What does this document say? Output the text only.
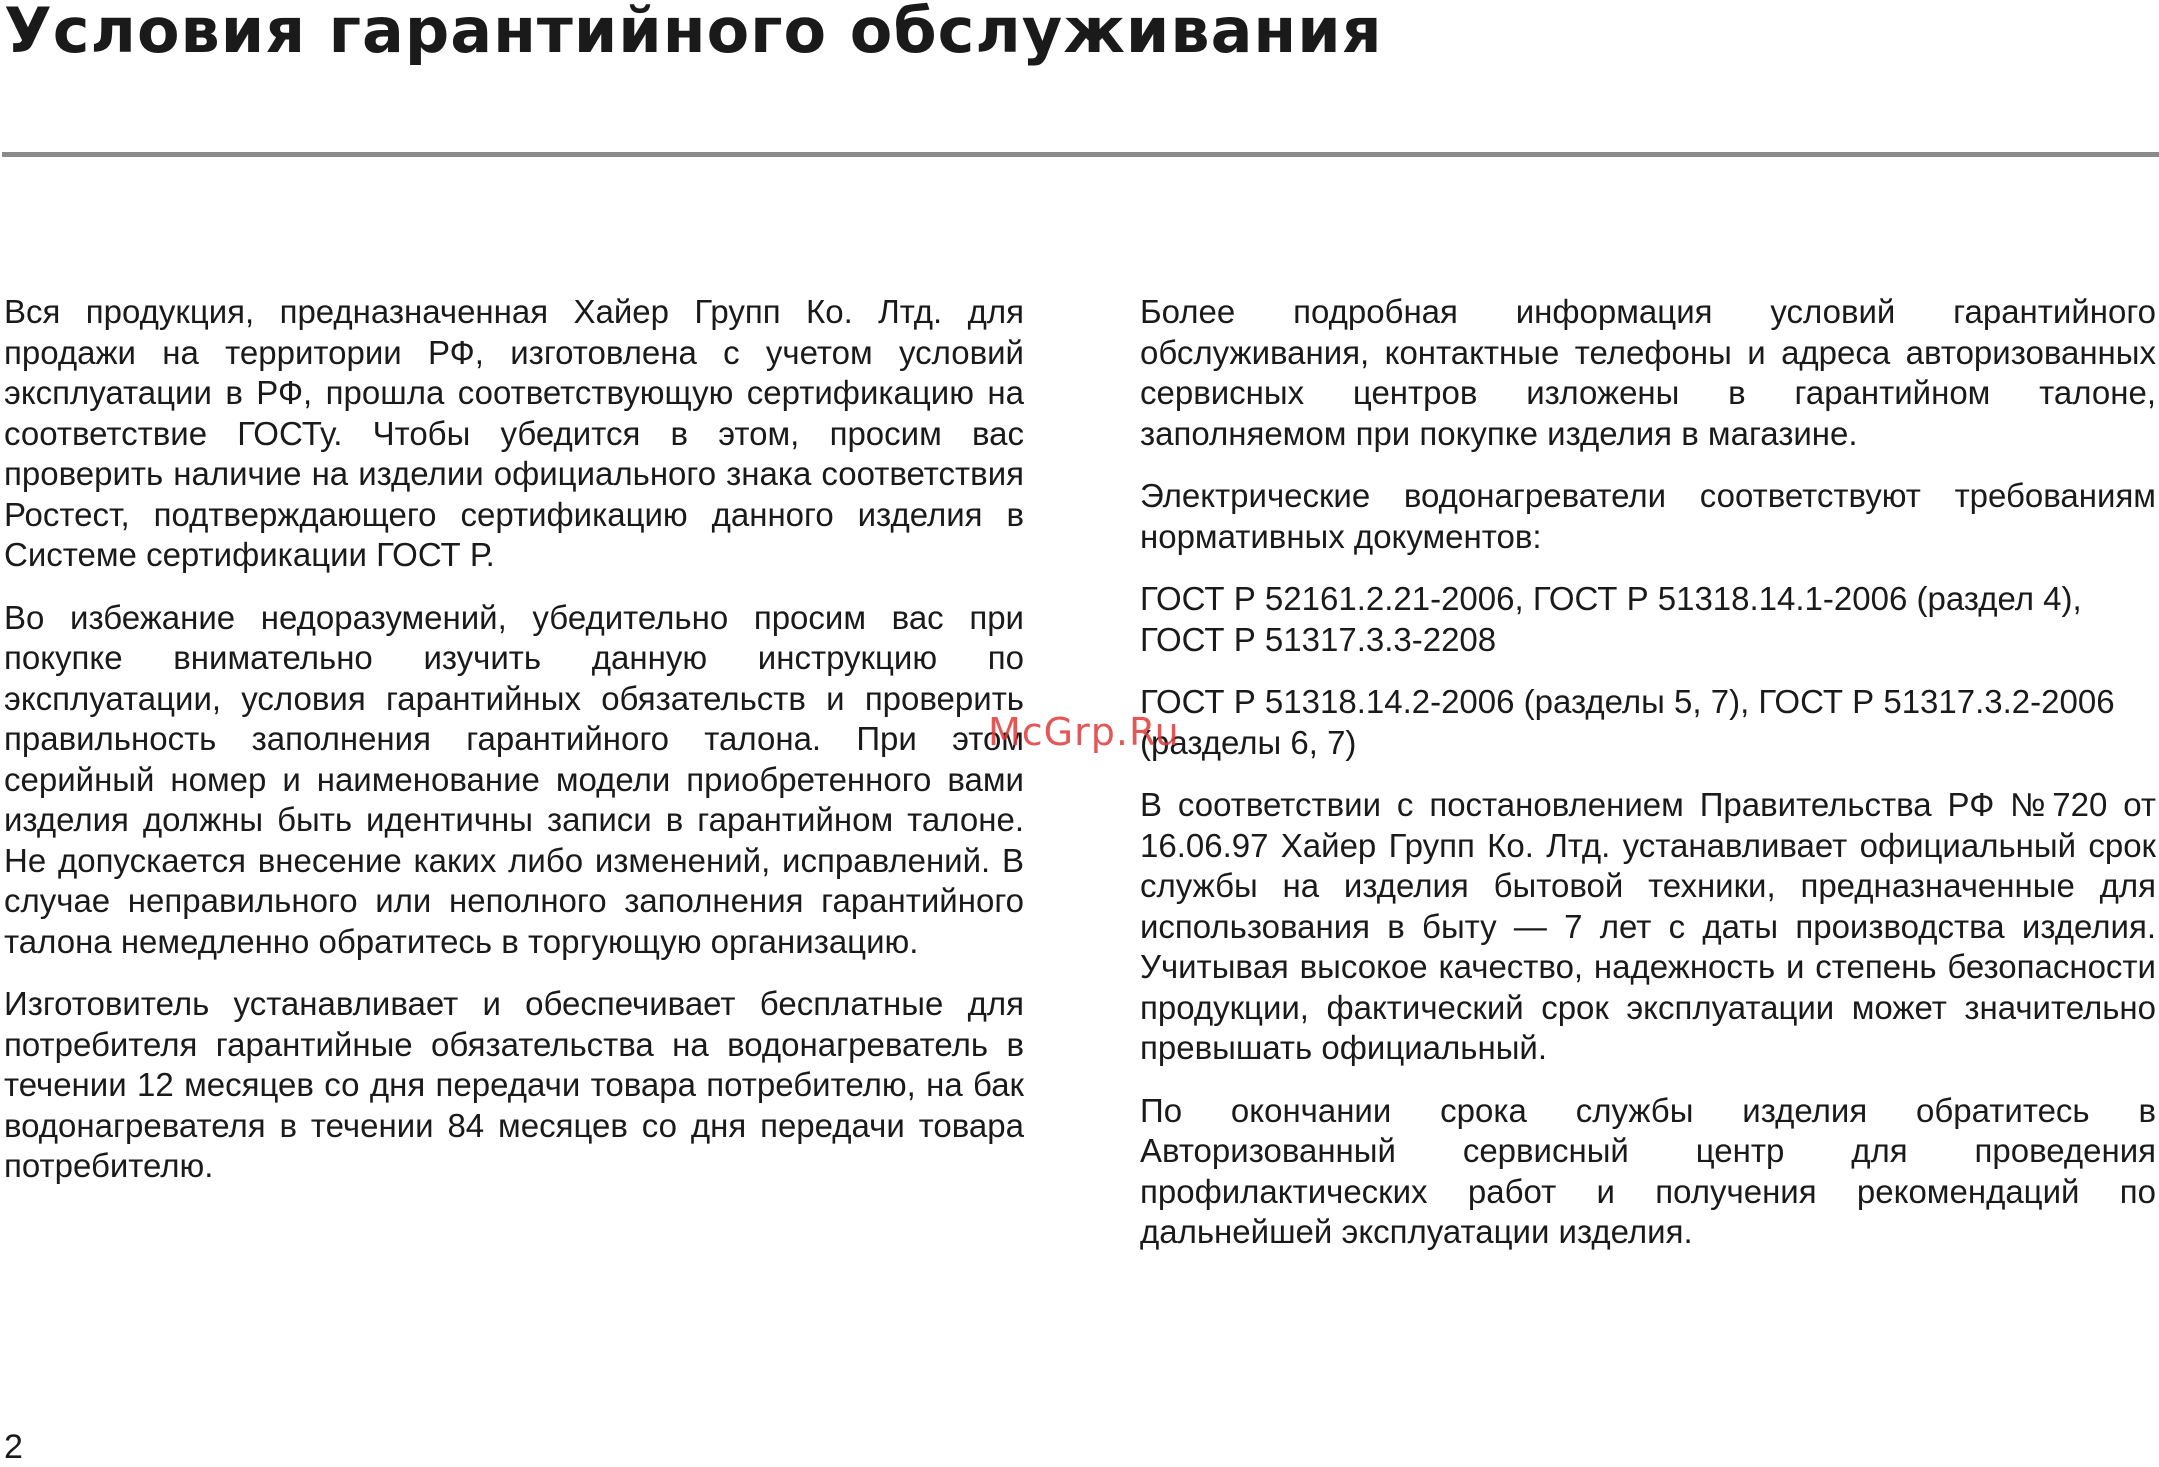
Условия гарантийного обслуживания

Вся продукция, предназначенная Хайер Групп Ко. Лтд. для продажи на территории РФ, изготовлена с учетом условий эксплуатации в РФ, прошла соответствующую сертификацию на соответствие ГОСТу. Чтобы убедится в этом, просим вас проверить наличие на изделии официального знака соответствия Ростест, подтверждающего сертификацию данного изделия в Системе сертификации ГОСТ Р.

Во избежание недоразумений, убедительно просим вас при покупке внимательно изучить данную инструкцию по эксплуатации, условия гарантийных обязательств и проверить правильность заполнения гарантийного талона. При этом серийный номер и наименование модели приобретенного вами изделия должны быть идентичны записи в гарантийном талоне. Не допускается внесение каких либо изменений, исправлений. В случае неправильного или неполного заполнения гарантийного талона немедленно обратитесь в торгующую организацию.

Изготовитель устанавливает и обеспечивает бесплатные для потребителя гарантийные обязательства на водонагреватель в течении 12 месяцев со дня передачи товара потребителю, на бак водонагревателя в течении 84 месяцев со дня передачи товара потребителю.

Более подробная информация условий гарантийного обслуживания, контактные телефоны и адреса авторизованных сервисных центров изложены в гарантийном талоне, заполняемом при покупке изделия в магазине.

Электрические водонагреватели соответствуют требованиям нормативных документов:

ГОСТ Р 52161.2.21-2006, ГОСТ Р 51318.14.1-2006 (раздел 4), ГОСТ Р 51317.3.3-2208

ГОСТ Р 51318.14.2-2006 (разделы 5, 7), ГОСТ Р 51317.3.2-2006 (разделы 6, 7)

В соответствии с постановлением Правительства РФ №720 от 16.06.97 Хайер Групп Ко. Лтд. устанавливает официальный срок службы на изделия бытовой техники, предназначенные для использования в быту — 7 лет с даты производства изделия. Учитывая высокое качество, надежность и степень безопасности продукции, фактический срок эксплуатации может значительно превышать официальный.

По окончании срока службы изделия обратитесь в Авторизованный сервисный центр для проведения профилактических работ и получения рекомендаций по дальнейшей эксплуатации изделия.

McGrp.Ru
2
